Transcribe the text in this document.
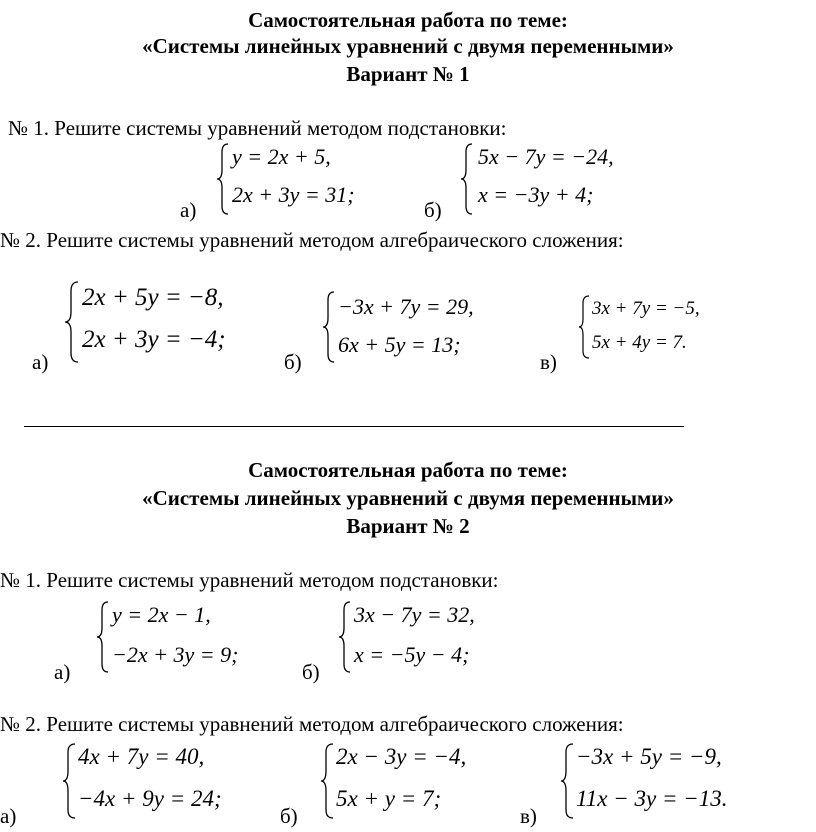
Самостоятельная работа по теме:
«Системы линейных уравнений с двумя переменными»
Вариант № 1
№ 1. Решите системы уравнений методом подстановки:
а)
y = 2x + 5,
2x + 3y = 31;
б)
5x − 7y = −24,
x = −3y + 4;
№ 2. Решите системы уравнений методом алгебраического сложения:
а)
2x + 5y = −8,
2x + 3y = −4;
б)
−3x + 7y = 29,
6x + 5y = 13;
в)
3x + 7y = −5,
5x + 4y = 7.
Самостоятельная работа по теме:
«Системы линейных уравнений с двумя переменными»
Вариант № 2
№ 1. Решите системы уравнений методом подстановки:
а)
y = 2x − 1,
−2x + 3y = 9;
б)
3x − 7y = 32,
x = −5y − 4;
№ 2. Решите системы уравнений методом алгебраического сложения:
а)
4x + 7y = 40,
−4x + 9y = 24;
б)
2x − 3y = −4,
5x + y = 7;
в)
−3x + 5y = −9,
11x − 3y = −13.
